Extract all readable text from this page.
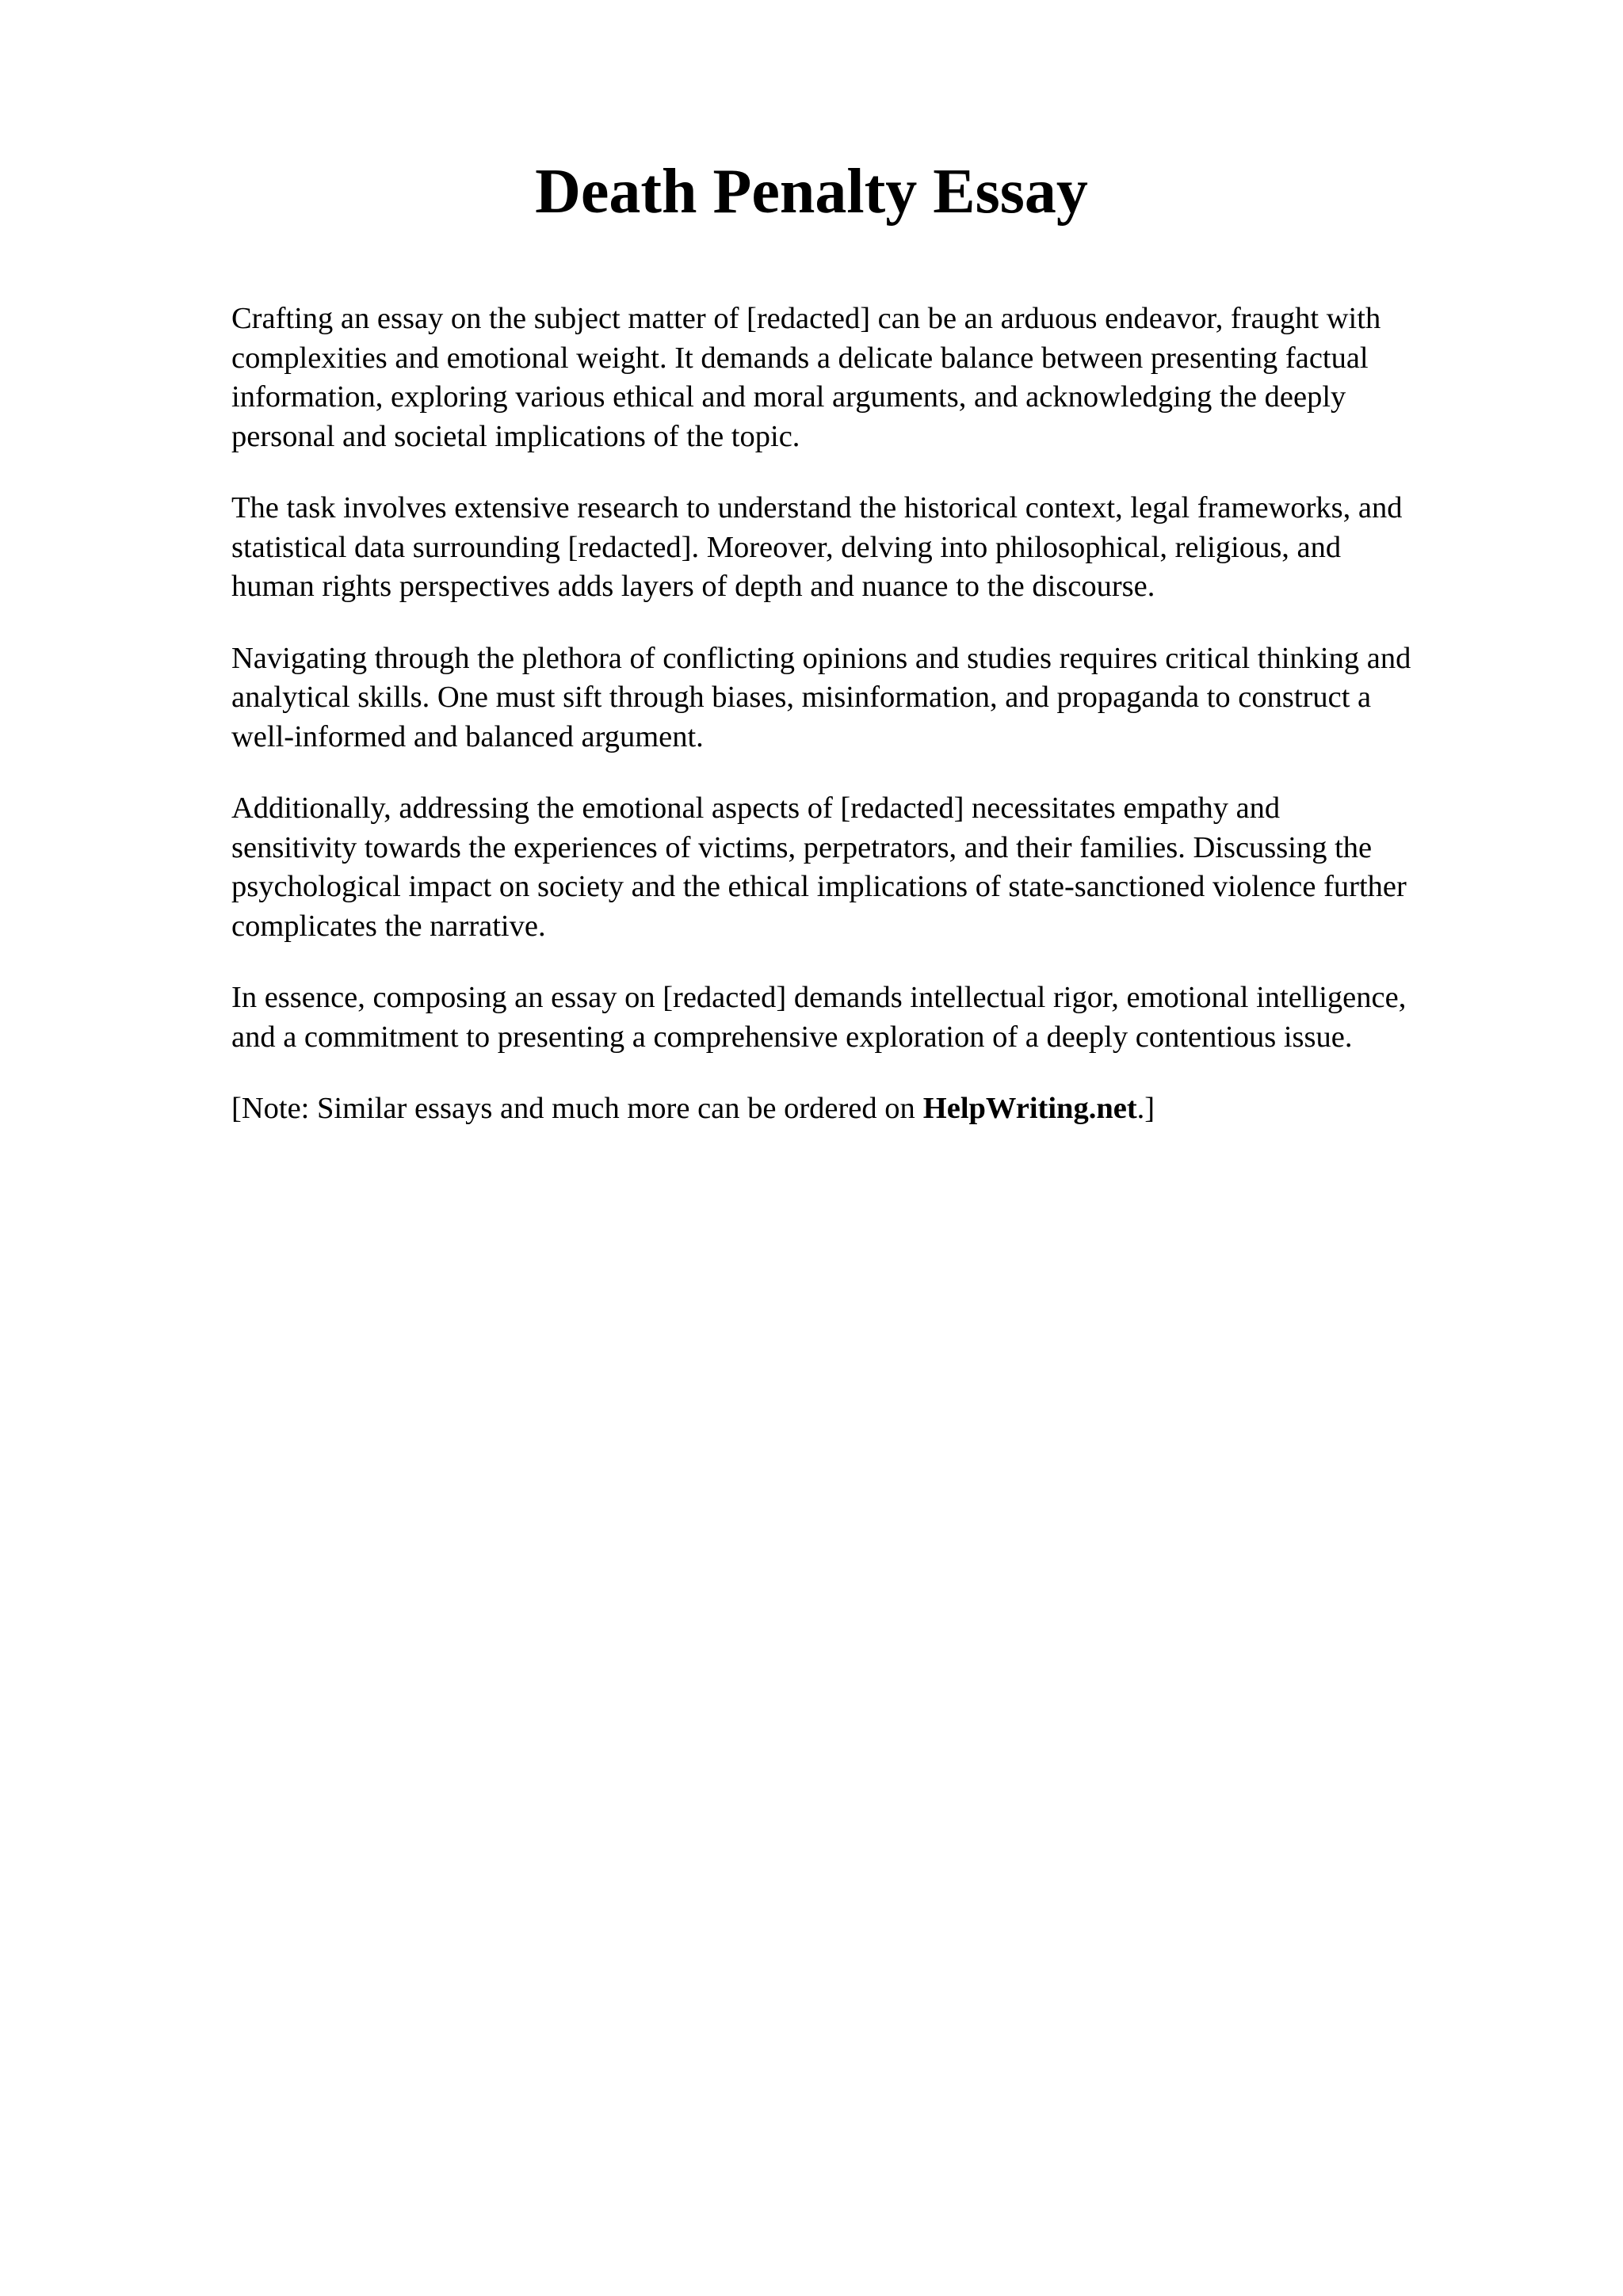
Death Penalty Essay

Crafting an essay on the subject matter of [redacted] can be an arduous endeavor, fraught with
complexities and emotional weight. It demands a delicate balance between presenting factual
information, exploring various ethical and moral arguments, and acknowledging the deeply
personal and societal implications of the topic.

The task involves extensive research to understand the historical context, legal frameworks, and
statistical data surrounding [redacted]. Moreover, delving into philosophical, religious, and
human rights perspectives adds layers of depth and nuance to the discourse.

Navigating through the plethora of conflicting opinions and studies requires critical thinking and
analytical skills. One must sift through biases, misinformation, and propaganda to construct a
well-informed and balanced argument.

Additionally, addressing the emotional aspects of [redacted] necessitates empathy and
sensitivity towards the experiences of victims, perpetrators, and their families. Discussing the
psychological impact on society and the ethical implications of state-sanctioned violence further
complicates the narrative.

In essence, composing an essay on [redacted] demands intellectual rigor, emotional intelligence,
and a commitment to presenting a comprehensive exploration of a deeply contentious issue.

[Note: Similar essays and much more can be ordered on HelpWriting.net.]
